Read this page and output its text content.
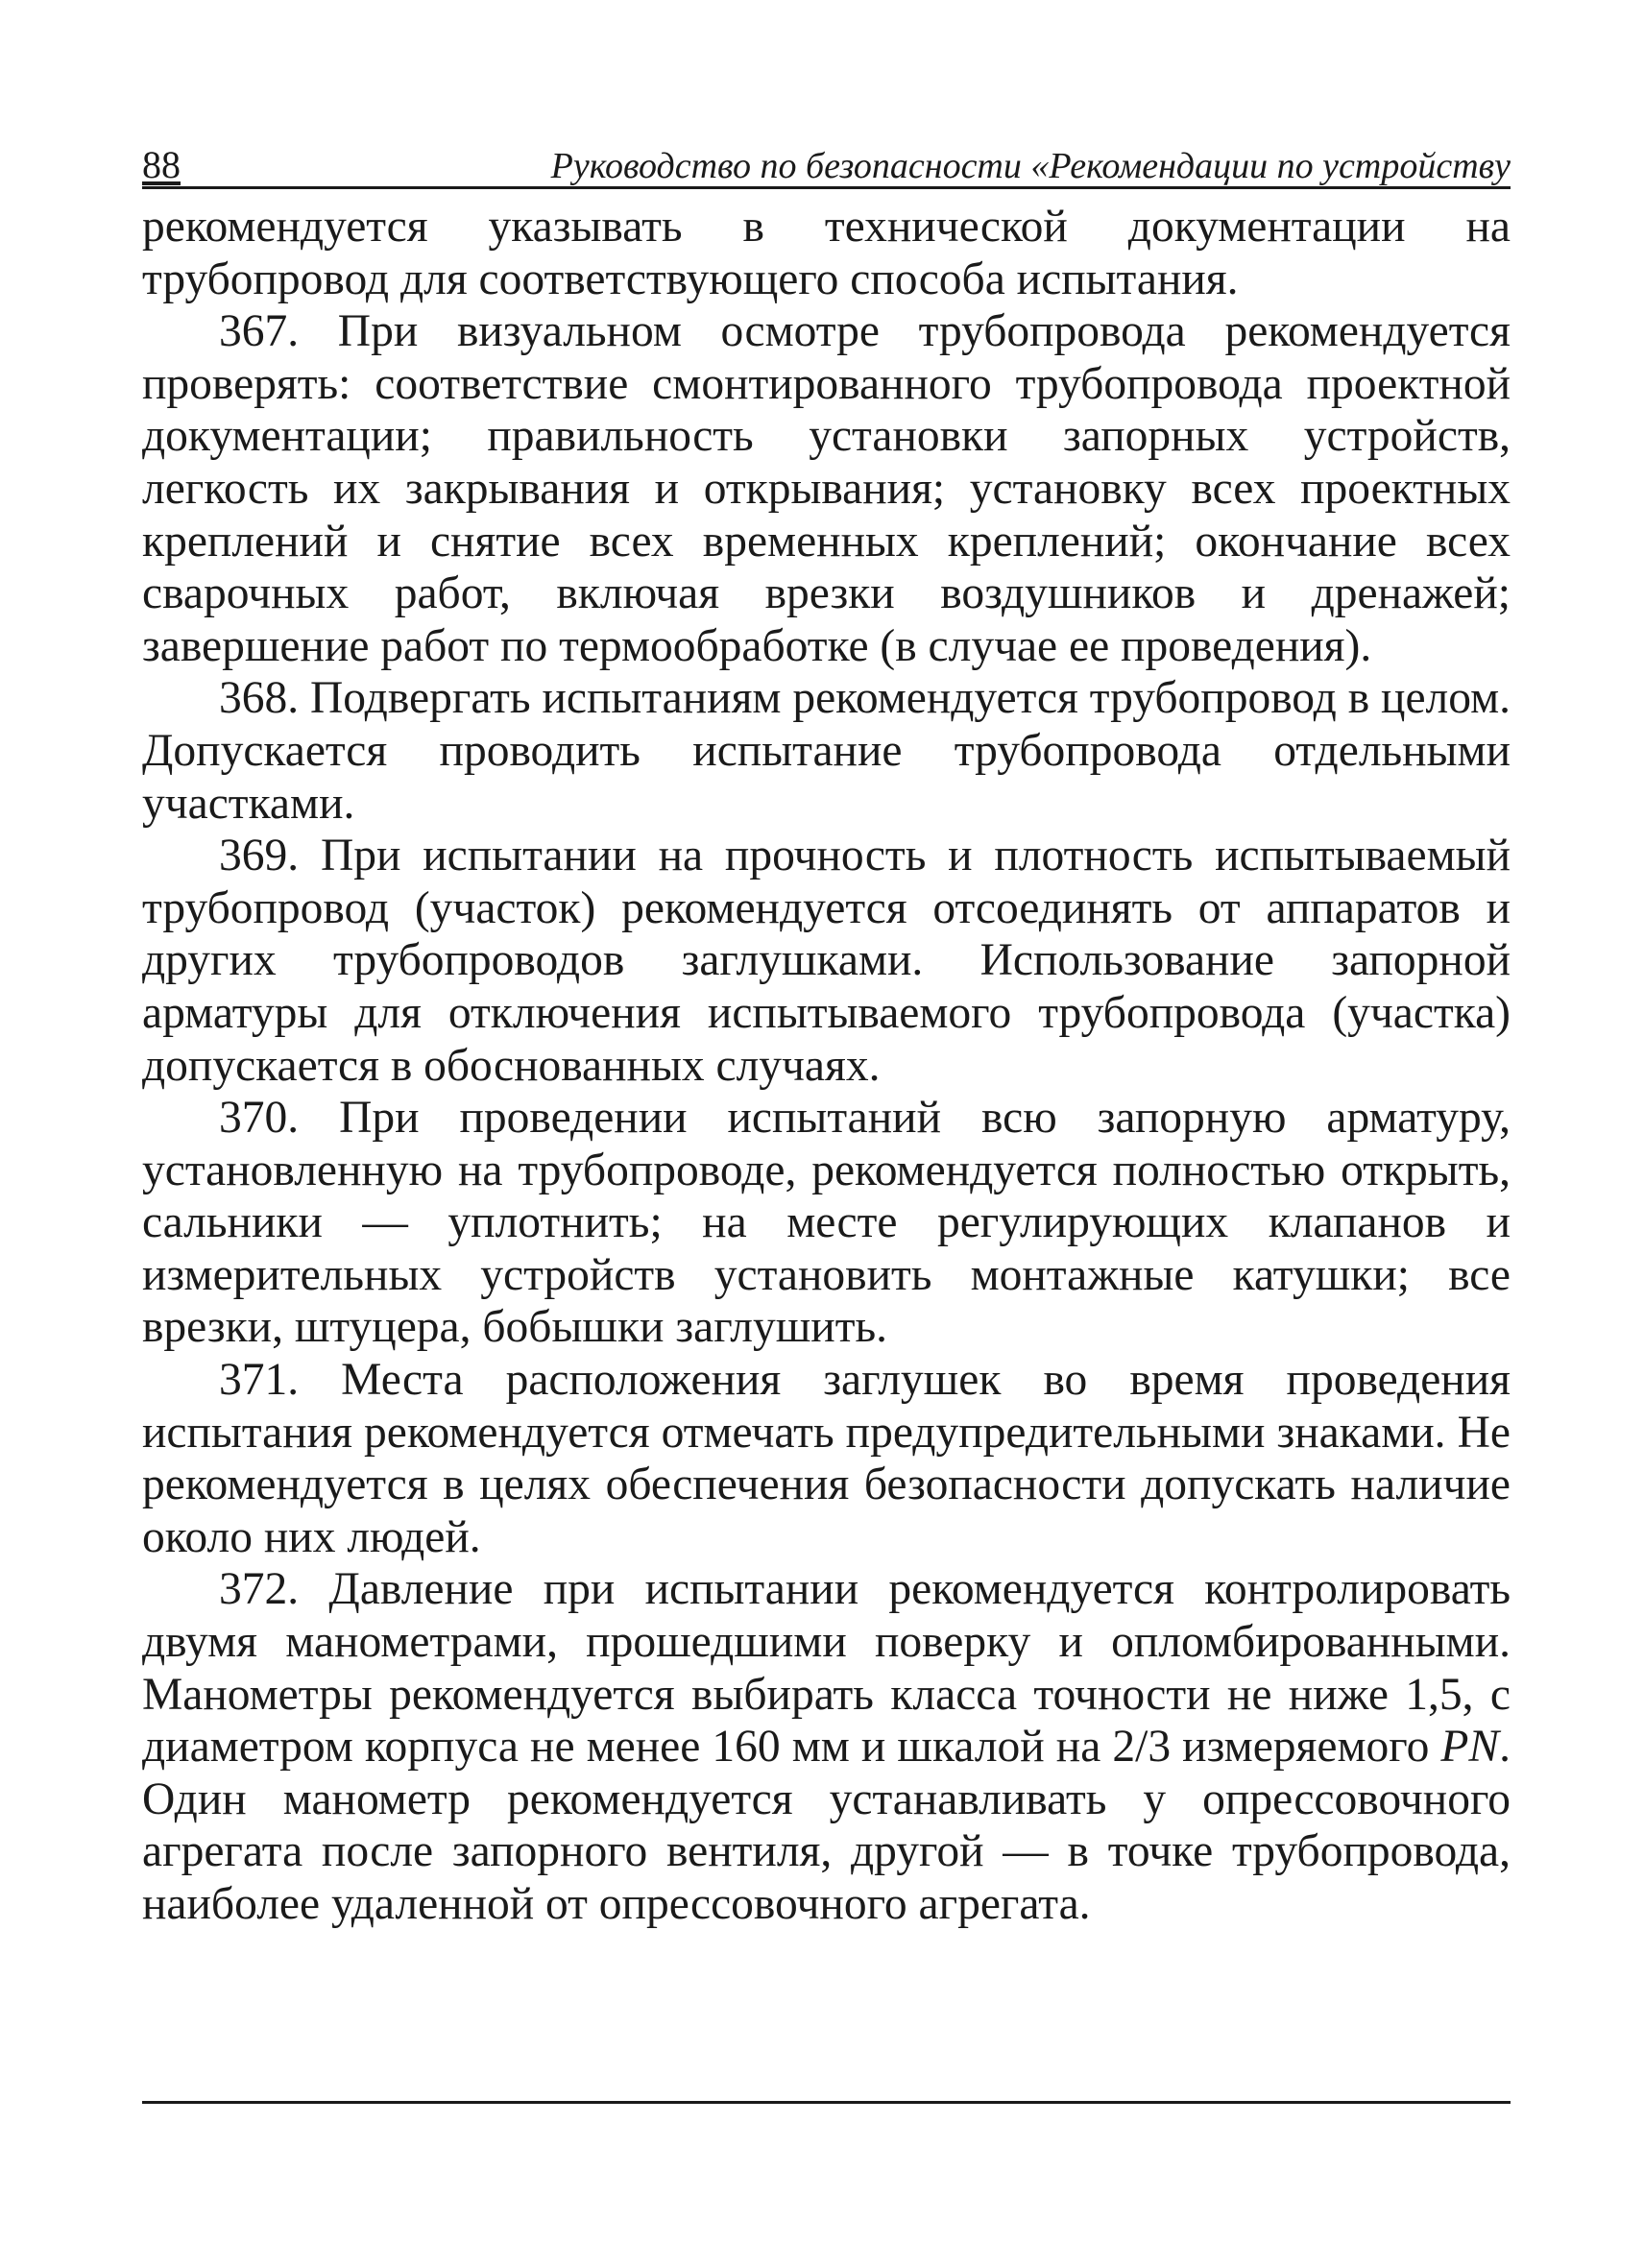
88	Руководство по безопасности «Рекомендации по устройству

рекомендуется указывать в технической документации на трубопровод для соответствующего способа испытания.

367. При визуальном осмотре трубопровода рекомендуется проверять: соответствие смонтированного трубопровода проектной документации; правильность установки запорных устройств, легкость их закрывания и открывания; установку всех проектных креплений и снятие всех временных креплений; окончание всех сварочных работ, включая врезки воздушников и дренажей; завершение работ по термообработке (в случае ее проведения).

368. Подвергать испытаниям рекомендуется трубопровод в целом. Допускается проводить испытание трубопровода отдельными участками.

369. При испытании на прочность и плотность испытываемый трубопровод (участок) рекомендуется отсоединять от аппаратов и других трубопроводов заглушками. Использование запорной арматуры для отключения испытываемого трубопровода (участка) допускается в обоснованных случаях.

370. При проведении испытаний всю запорную арматуру, установленную на трубопроводе, рекомендуется полностью открыть, сальники — уплотнить; на месте регулирующих клапанов и измерительных устройств установить монтажные катушки; все врезки, штуцера, бобышки заглушить.

371. Места расположения заглушек во время проведения испытания рекомендуется отмечать предупредительными знаками. Не рекомендуется в целях обеспечения безопасности допускать наличие около них людей.

372. Давление при испытании рекомендуется контролировать двумя манометрами, прошедшими поверку и опломбированными. Манометры рекомендуется выбирать класса точности не ниже 1,5, с диаметром корпуса не менее 160 мм и шкалой на 2/3 измеряемого PN. Один манометр рекомендуется устанавливать у опрессовочного агрегата после запорного вентиля, другой — в точке трубопровода, наиболее удаленной от опрессовочного агрегата.
